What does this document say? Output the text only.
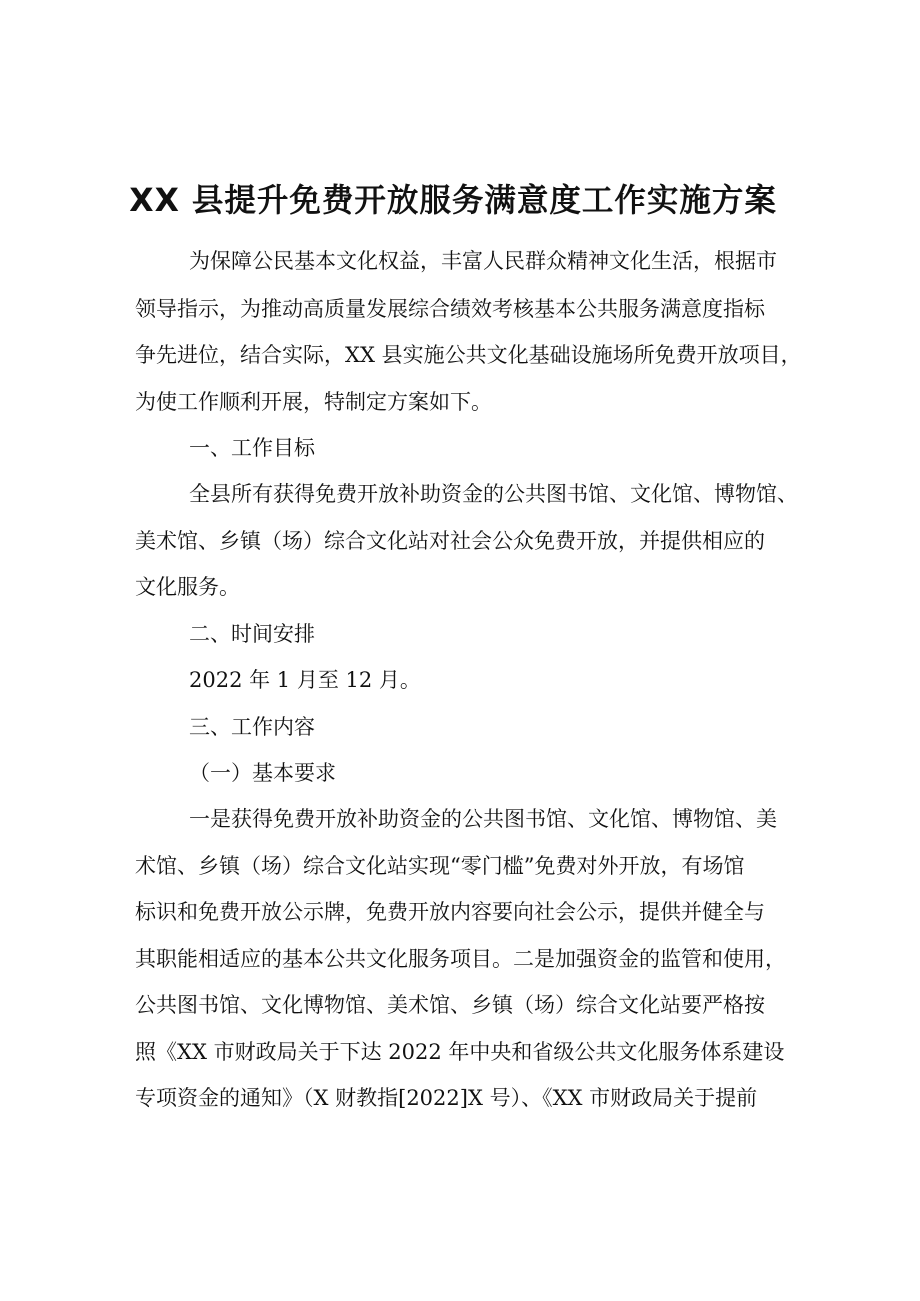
XX 县提升免费开放服务满意度工作实施方案
为保障公民基本文化权益，丰富人民群众精神文化生活，根据市
领导指示，为推动高质量发展综合绩效考核基本公共服务满意度指标
争先进位，结合实际，XX 县实施公共文化基础设施场所免费开放项目，
为使工作顺利开展，特制定方案如下。
一、工作目标
全县所有获得免费开放补助资金的公共图书馆、文化馆、博物馆、
美术馆、乡镇（场）综合文化站对社会公众免费开放，并提供相应的
文化服务。
二、时间安排
2022 年 1 月至 12 月。
三、工作内容
（一）基本要求
一是获得免费开放补助资金的公共图书馆、文化馆、博物馆、美
术馆、乡镇（场）综合文化站实现“零门槛”免费对外开放，有场馆
标识和免费开放公示牌，免费开放内容要向社会公示，提供并健全与
其职能相适应的基本公共文化服务项目。二是加强资金的监管和使用，
公共图书馆、文化博物馆、美术馆、乡镇（场）综合文化站要严格按
照《XX 市财政局关于下达 2022 年中央和省级公共文化服务体系建设
专项资金的通知》（X 财教指[2022]X 号）、《XX 市财政局关于提前
